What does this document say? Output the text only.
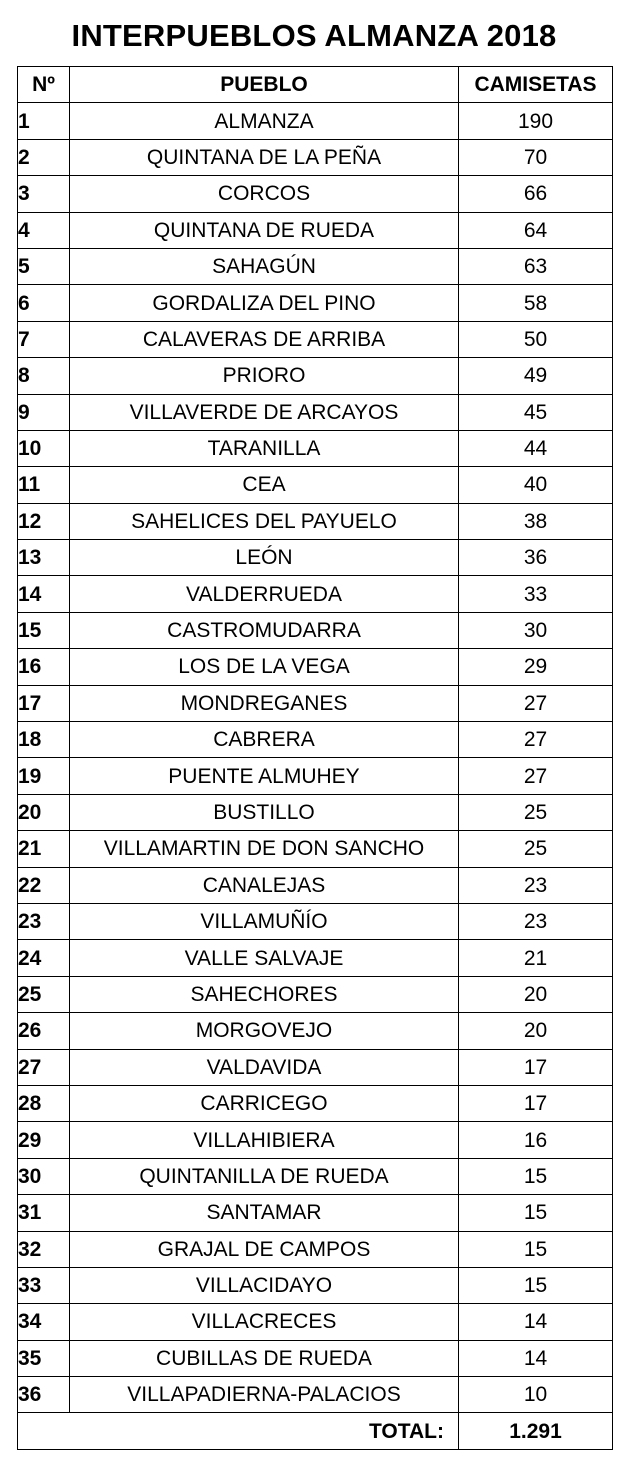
INTERPUEBLOS ALMANZA 2018
Nº	PUEBLO	CAMISETAS
1	ALMANZA	190
2	QUINTANA DE LA PEÑA	70
3	CORCOS	66
4	QUINTANA DE RUEDA	64
5	SAHAGÚN	63
6	GORDALIZA DEL PINO	58
7	CALAVERAS DE ARRIBA	50
8	PRIORO	49
9	VILLAVERDE DE ARCAYOS	45
10	TARANILLA	44
11	CEA	40
12	SAHELICES DEL PAYUELO	38
13	LEÓN	36
14	VALDERRUEDA	33
15	CASTROMUDARRA	30
16	LOS DE LA VEGA	29
17	MONDREGANES	27
18	CABRERA	27
19	PUENTE ALMUHEY	27
20	BUSTILLO	25
21	VILLAMARTIN DE DON SANCHO	25
22	CANALEJAS	23
23	VILLAMUÑÍO	23
24	VALLE SALVAJE	21
25	SAHECHORES	20
26	MORGOVEJO	20
27	VALDAVIDA	17
28	CARRICEGO	17
29	VILLAHIBIERA	16
30	QUINTANILLA DE RUEDA	15
31	SANTAMAR	15
32	GRAJAL DE CAMPOS	15
33	VILLACIDAYO	15
34	VILLACRECES	14
35	CUBILLAS DE RUEDA	14
36	VILLAPADIERNA-PALACIOS	10

TOTAL:		1.291
